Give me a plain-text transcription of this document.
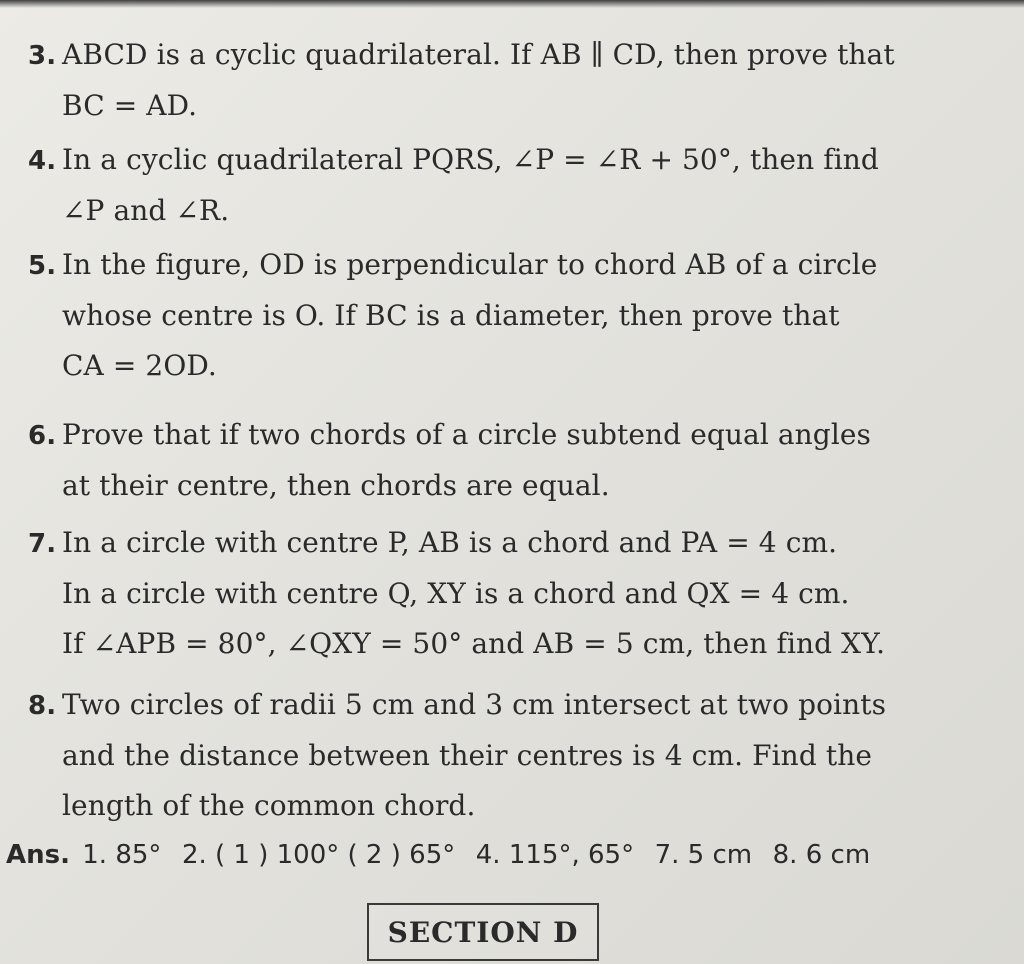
3. ABCD is a cyclic quadrilateral. If AB ∥ CD, then prove that
BC = AD.
4. In a cyclic quadrilateral PQRS, ∠P = ∠R + 50°, then find
∠P and ∠R.
5. In the figure, OD is perpendicular to chord AB of a circle
whose centre is O. If BC is a diameter, then prove that
CA = 2OD.
6. Prove that if two chords of a circle subtend equal angles
at their centre, then chords are equal.
7. In a circle with centre P, AB is a chord and PA = 4 cm.
In a circle with centre Q, XY is a chord and QX = 4 cm.
If ∠APB = 80°, ∠QXY = 50° and AB = 5 cm, then find XY.
8. Two circles of radii 5 cm and 3 cm intersect at two points
and the distance between their centres is 4 cm. Find the
length of the common chord.
Ans. 1. 85° 2. ( 1 ) 100° ( 2 ) 65° 4. 115°, 65° 7. 5 cm 8. 6 cm
SECTION D
